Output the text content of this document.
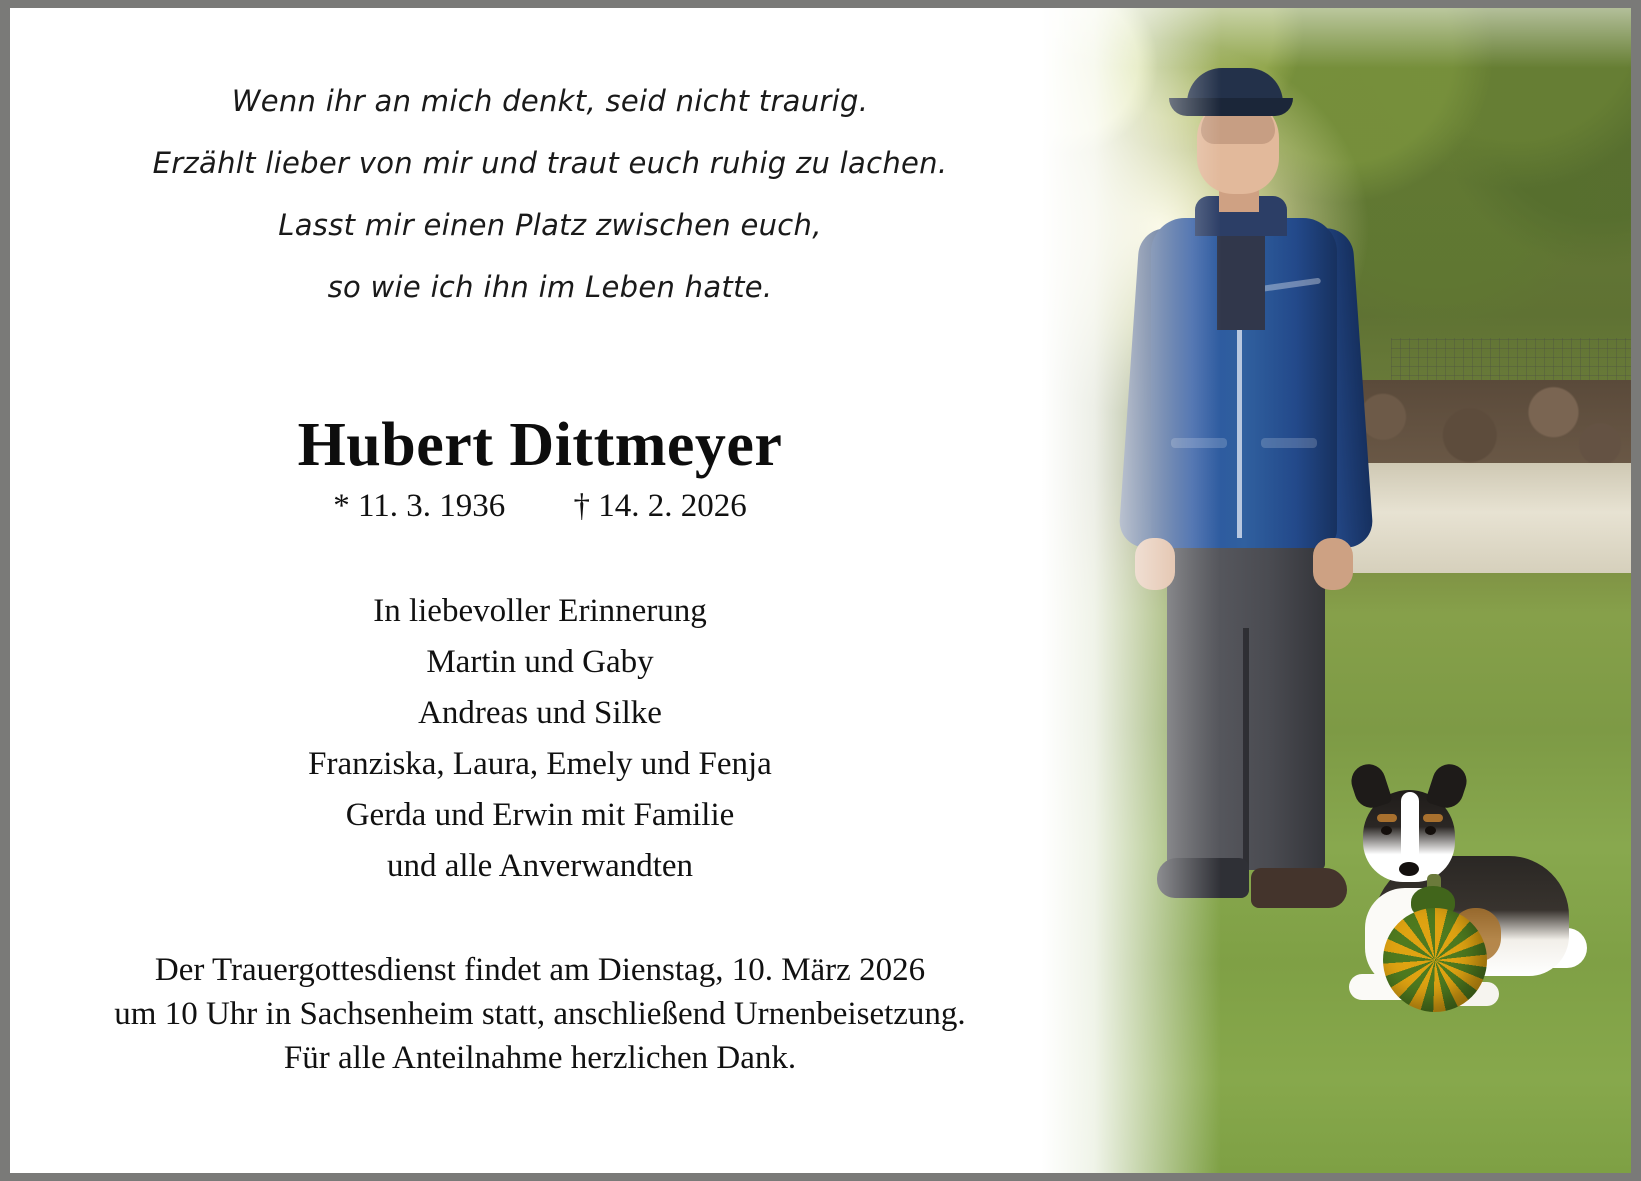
Wenn ihr an mich denkt, seid nicht traurig.
Erzählt lieber von mir und traut euch ruhig zu lachen.
Lasst mir einen Platz zwischen euch,
so wie ich ihn im Leben hatte.
Hubert Dittmeyer
* 11. 3. 1936 † 14. 2. 2026
In liebevoller Erinnerung
Martin und Gaby
Andreas und Silke
Franziska, Laura, Emely und Fenja
Gerda und Erwin mit Familie
und alle Anverwandten
Der Trauergottesdienst findet am Dienstag, 10. März 2026
um 10 Uhr in Sachsenheim statt, anschließend Urnenbeisetzung.
Für alle Anteilnahme herzlichen Dank.
